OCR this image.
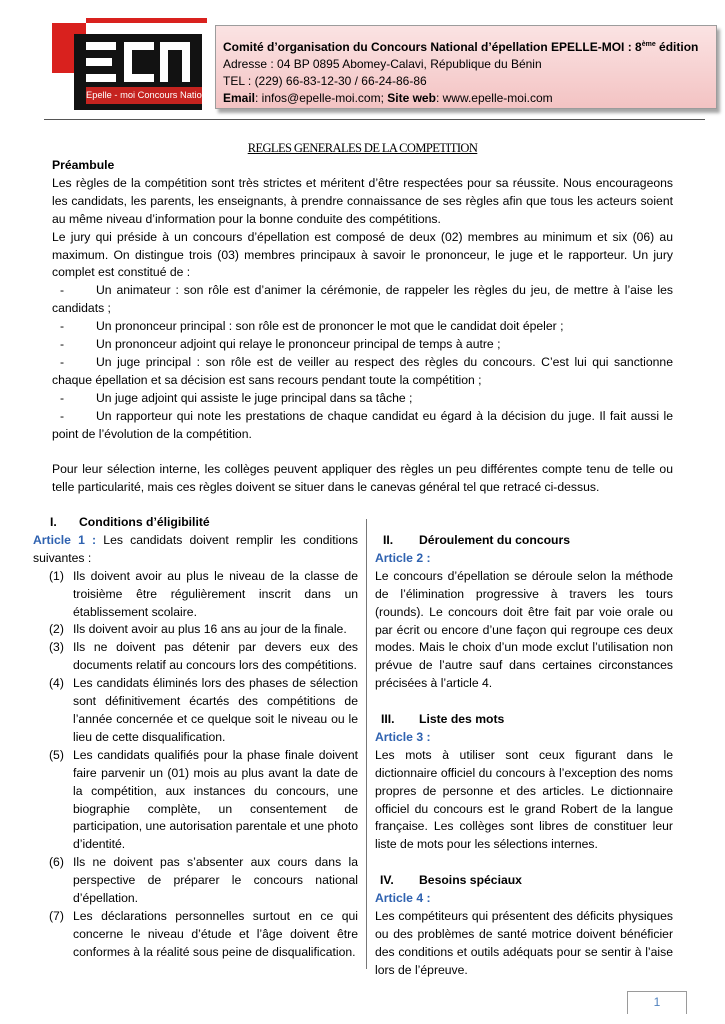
Epelle - moi Concours National
Comité d’organisation du Concours National d’épellation EPELLE-MOI : 8ème édition
Adresse : 04 BP 0895 Abomey-Calavi, République du Bénin
TEL : (229) 66-83-12-30 / 66-24-86-86
Email: infos@epelle-moi.com; Site web: www.epelle-moi.com
REGLES GENERALES DE LA COMPETITION

Préambule

Les règles de la compétition sont très strictes et méritent d’être respectées pour sa réussite. Nous encourageons les candidats, les parents, les enseignants, à prendre connaissance de ses règles afin que tous les acteurs soient au même niveau d’information pour la bonne conduite des compétitions.

Le jury qui préside à un concours d’épellation est composé de deux (02) membres au minimum et six (06) au maximum. On distingue trois (03) membres principaux à savoir le prononceur, le juge et le rapporteur. Un jury complet est constitué de :

-	Un animateur : son rôle est d’animer la cérémonie, de rappeler les règles du jeu, de mettre à l’aise les candidats ;

-	Un prononceur principal : son rôle est de prononcer le mot que le candidat doit épeler ;

-	Un prononceur adjoint qui relaye le prononceur principal de temps à autre ;

-	Un juge principal : son rôle est de veiller au respect des règles du concours. C’est lui qui sanctionne chaque épellation et sa décision est sans recours pendant toute la compétition ;

-	Un juge adjoint qui assiste le juge principal dans sa tâche ;

-	Un rapporteur qui note les prestations de chaque candidat eu égard à la décision du juge. Il fait aussi le point de l’évolution de la compétition.

Pour leur sélection interne, les collèges peuvent appliquer des règles un peu différentes compte tenu de telle ou telle particularité, mais ces règles doivent se situer dans le canevas général tel que retracé ci-dessus.

I. Conditions d’éligibilité

Article 1 : Les candidats doivent remplir les conditions suivantes :

(1) Ils doivent avoir au plus le niveau de la classe de troisième être régulièrement inscrit dans un établissement scolaire.
(2) Ils doivent avoir au plus 16 ans au jour de la finale.
(3) Ils ne doivent pas détenir par devers eux des documents relatif au concours lors des compétitions.
(4) Les candidats éliminés lors des phases de sélection sont définitivement écartés des compétitions de l’année concernée et ce quelque soit le niveau ou le lieu de cette disqualification.
(5) Les candidats qualifiés pour la phase finale doivent faire parvenir un (01) mois au plus avant la date de la compétition, aux instances du concours, une biographie complète, un consentement de participation, une autorisation parentale et une photo d’identité.
(6) Ils ne doivent pas s’absenter aux cours dans la perspective de préparer le concours national d’épellation.
(7) Les déclarations personnelles surtout en ce qui concerne le niveau d’étude et l’âge doivent être conformes à la réalité sous peine de disqualification.

II. Déroulement du concours

Article 2 :

Le concours d’épellation se déroule selon la méthode de l’élimination progressive à travers les tours (rounds). Le concours doit être fait par voie orale ou par écrit ou encore d’une façon qui regroupe ces deux modes. Mais le choix d’un mode exclut l’utilisation non prévue de l’autre sauf dans certaines circonstances précisées à l’article 4.

III. Liste des mots

Article 3 :

Les mots à utiliser sont ceux figurant dans le dictionnaire officiel du concours à l’exception des noms propres de personne et des articles. Le dictionnaire officiel du concours est le grand Robert de la langue française. Les collèges sont libres de constituer leur liste de mots pour les sélections internes.

IV. Besoins spéciaux

Article 4 :

Les compétiteurs qui présentent des déficits physiques ou des problèmes de santé motrice doivent bénéficier des conditions et outils adéquats pour se sentir à l’aise lors de l’épreuve.

1
